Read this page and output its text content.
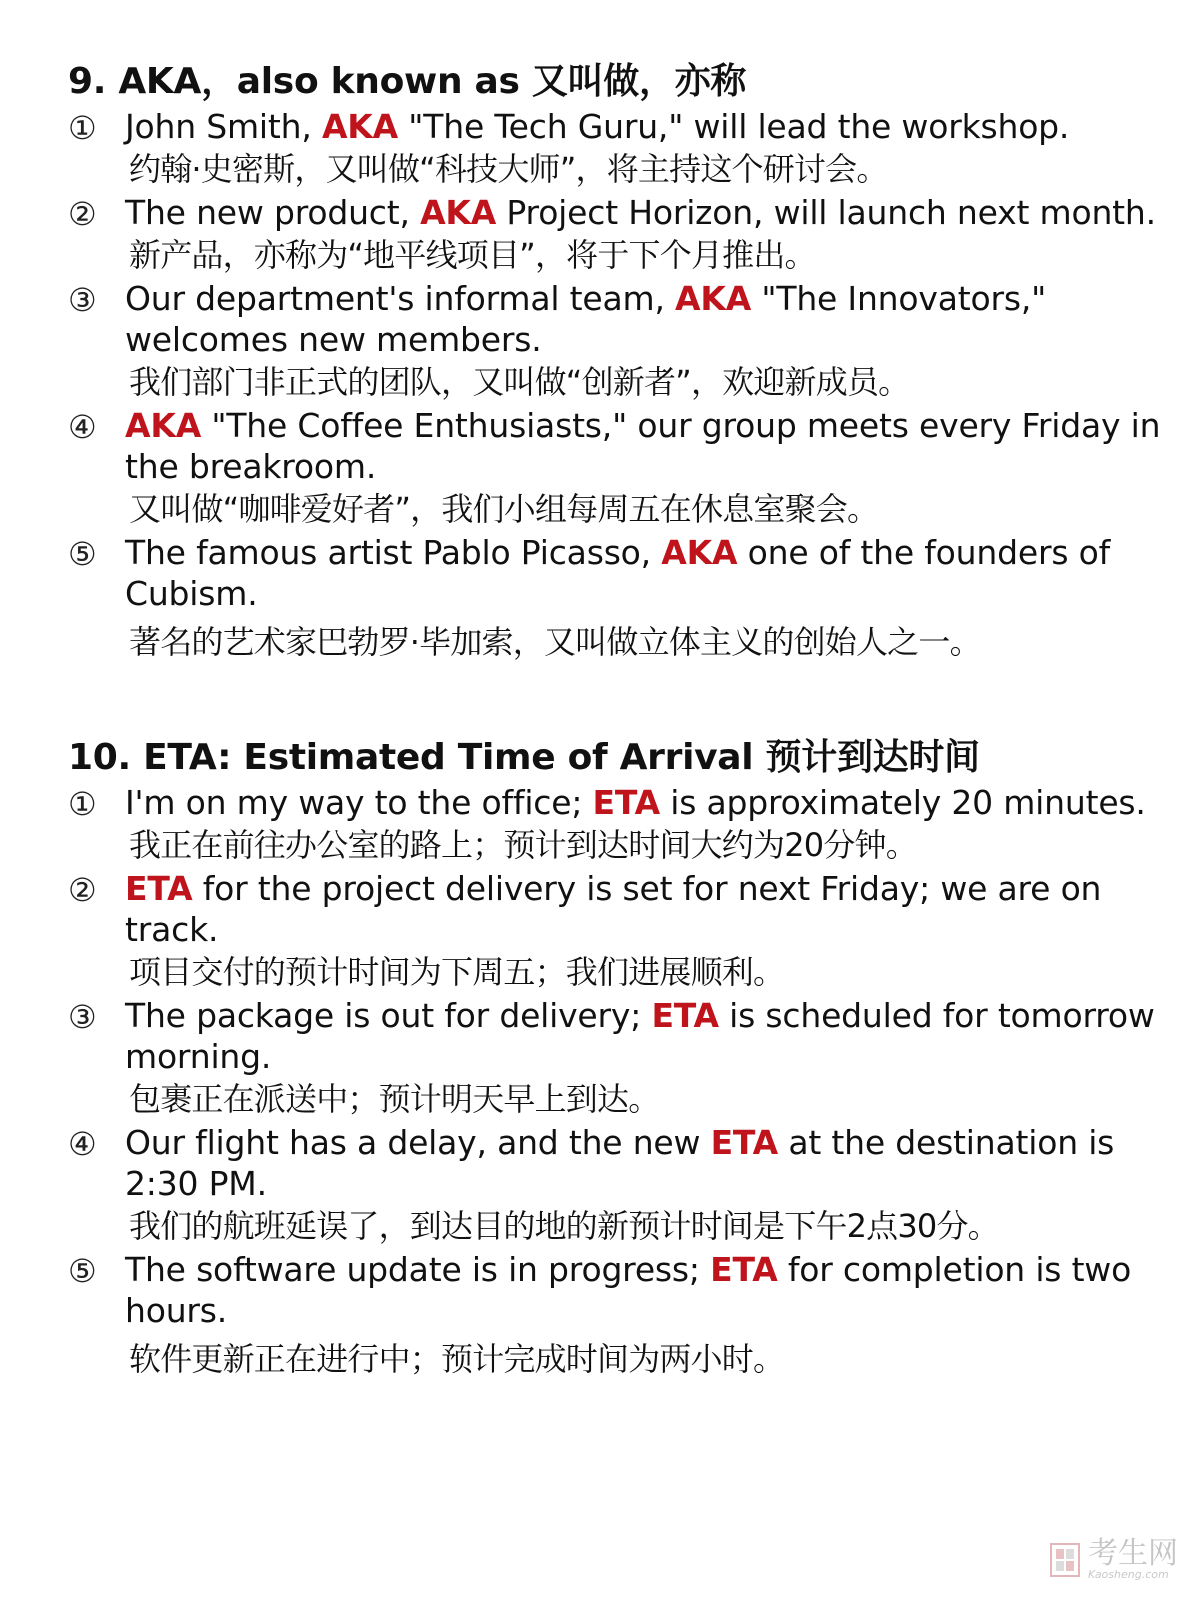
9. AKA，also known as 又叫做，亦称
① John Smith, AKA "The Tech Guru," will lead the workshop.

约翰·史密斯，又叫做“科技大师”，将主持这个研讨会。

② The new product, AKA Project Horizon, will launch next month.

新产品，亦称为“地平线项目”，将于下个月推出。

③ Our department's informal team, AKA "The Innovators," welcomes new members.

我们部门非正式的团队，又叫做“创新者”，欢迎新成员。

④ AKA "The Coffee Enthusiasts," our group meets every Friday in the breakroom.

又叫做“咖啡爱好者”，我们小组每周五在休息室聚会。

⑤ The famous artist Pablo Picasso, AKA one of the founders of Cubism.

著名的艺术家巴勃罗·毕加索，又叫做立体主义的创始人之一。

10. ETA: Estimated Time of Arrival 预计到达时间
① I'm on my way to the office; ETA is approximately 20 minutes.

我正在前往办公室的路上；预计到达时间大约为20分钟。

② ETA for the project delivery is set for next Friday; we are on track.

项目交付的预计时间为下周五；我们进展顺利。

③ The package is out for delivery; ETA is scheduled for tomorrow morning.

包裹正在派送中；预计明天早上到达。

④ Our flight has a delay, and the new ETA at the destination is 2:30 PM.

我们的航班延误了，到达目的地的新预计时间是下午2点30分。

⑤ The software update is in progress; ETA for completion is two hours.

软件更新正在进行中；预计完成时间为两小时。

考生网
Kaosheng.com
